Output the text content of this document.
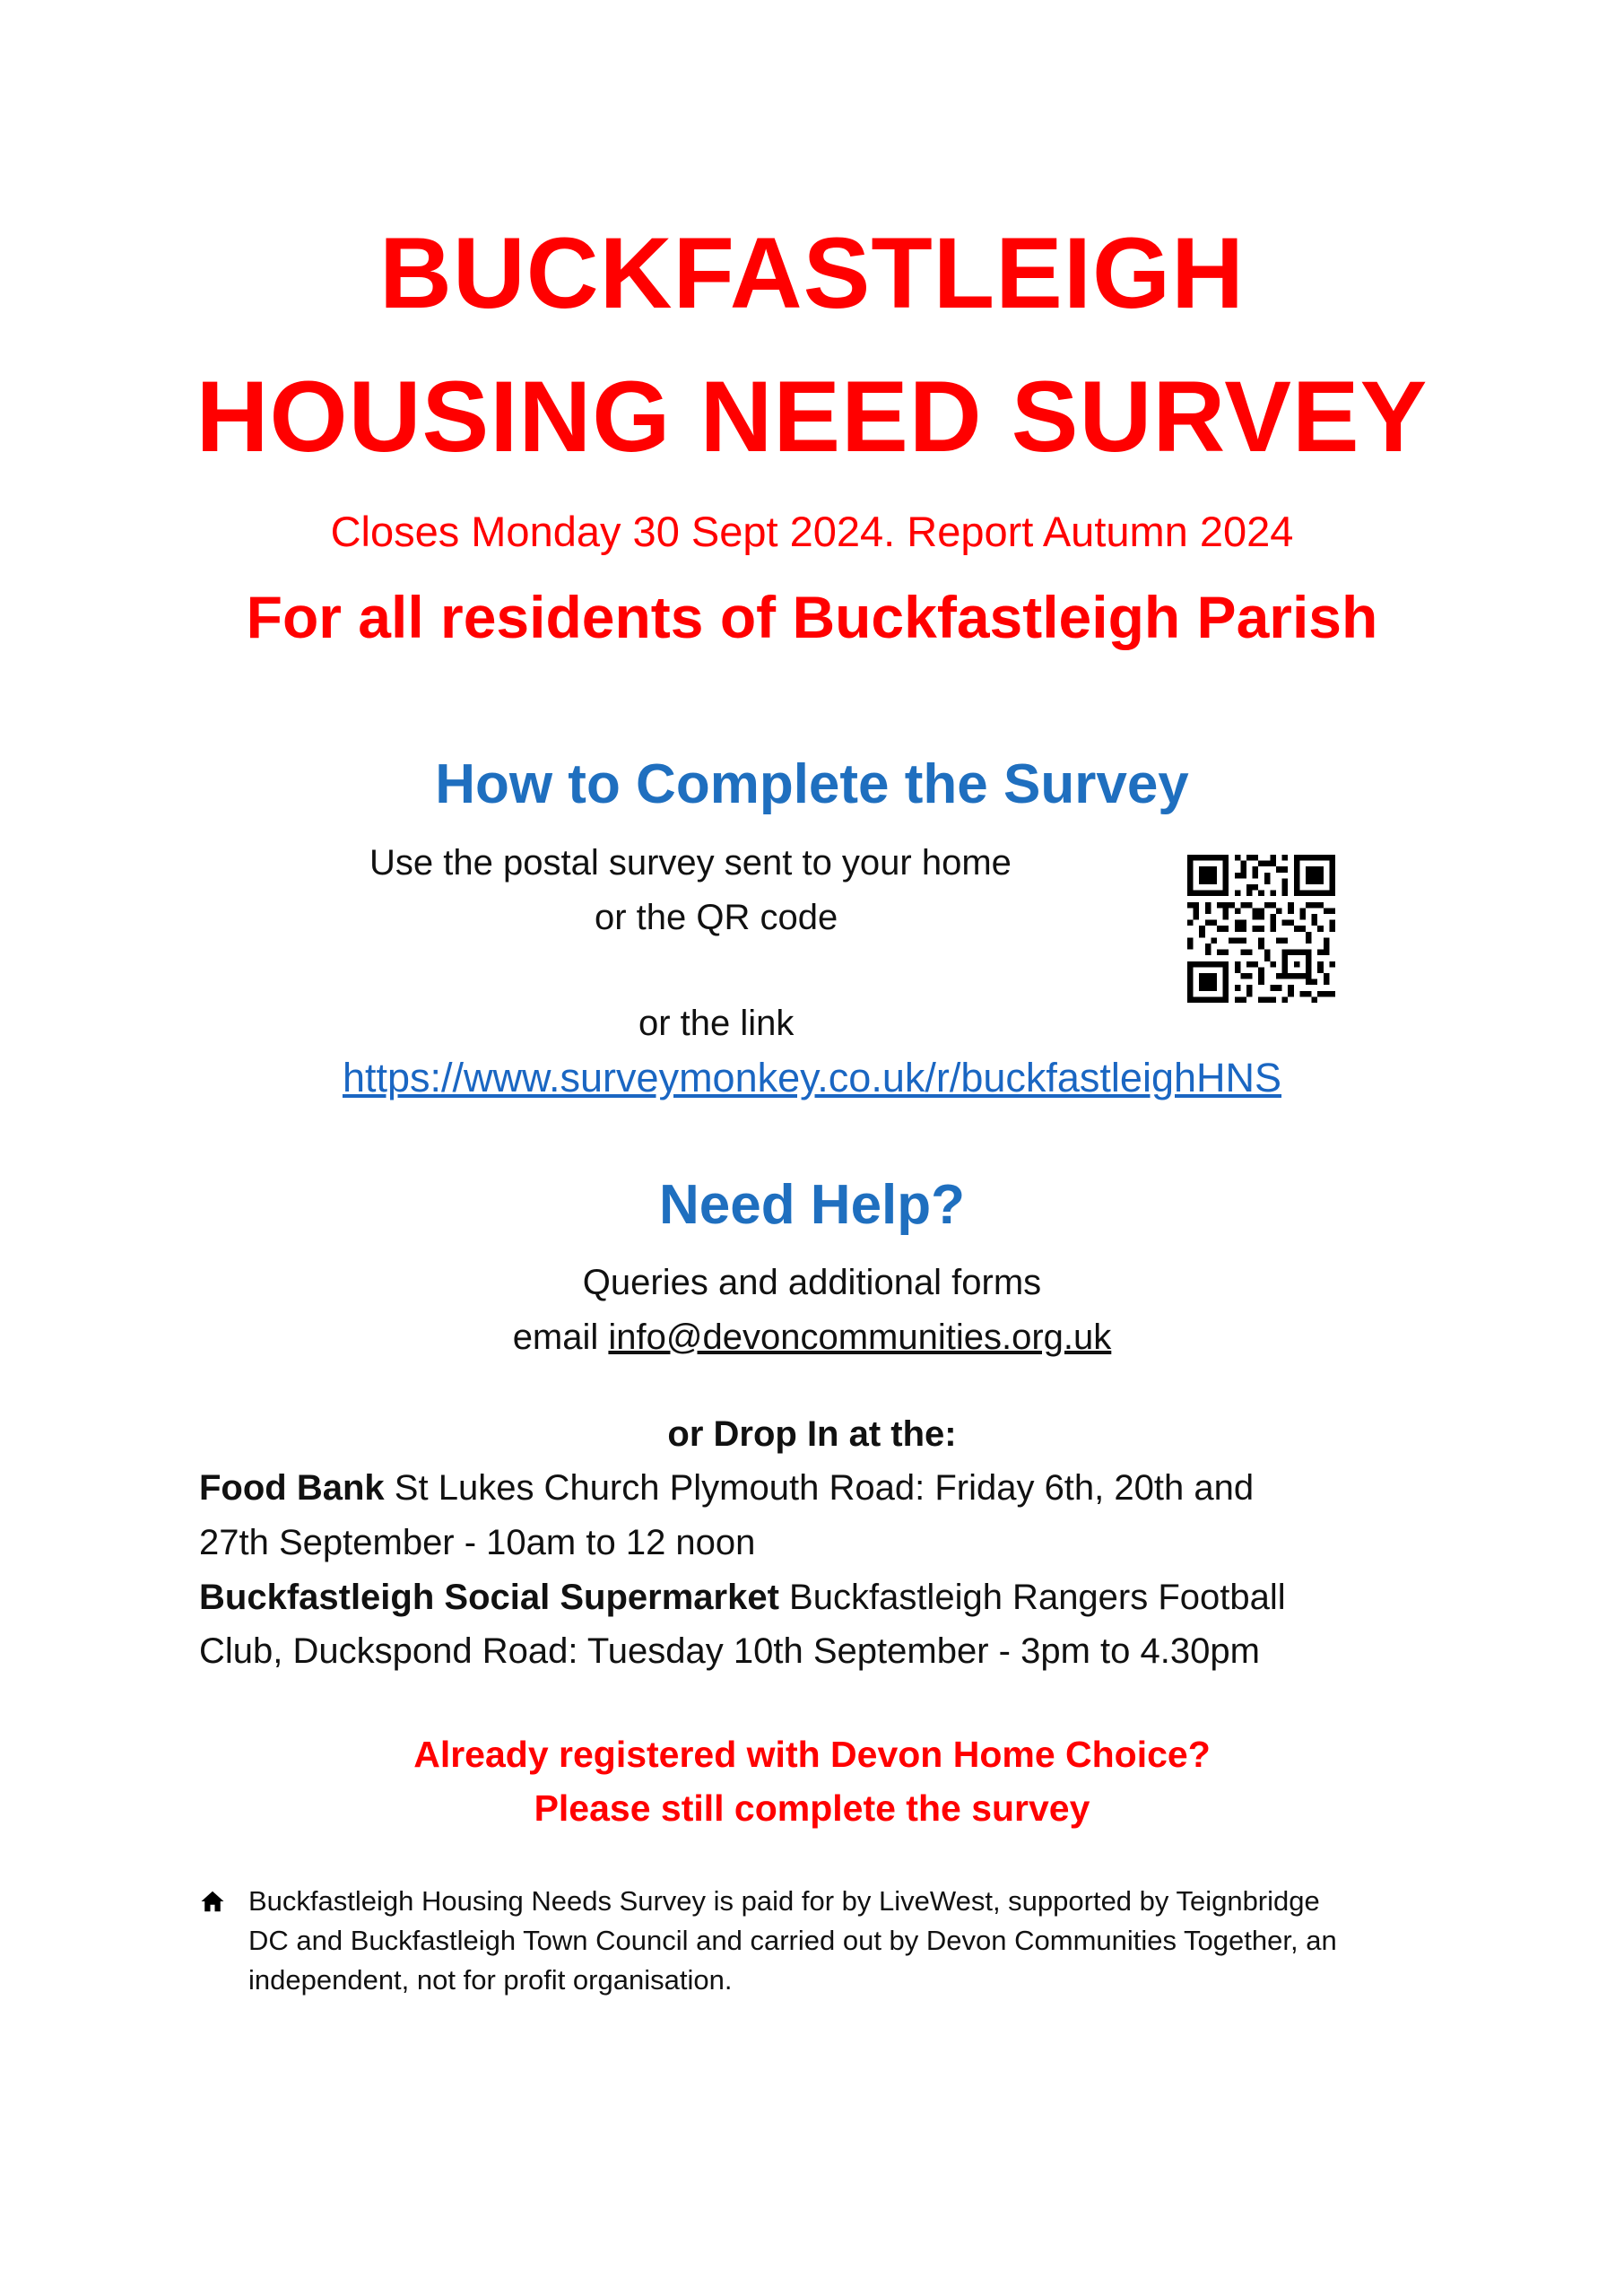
BUCKFASTLEIGH
HOUSING NEED SURVEY
Closes Monday 30 Sept 2024. Report Autumn 2024
For all residents of Buckfastleigh Parish
How to Complete the Survey
Use the postal survey sent to your home
or the QR code
or the link
https://www.surveymonkey.co.uk/r/buckfastleighHNS
Need Help?
Queries and additional forms
email info@devoncommunities.org.uk
or Drop In at the:
Food Bank St Lukes Church Plymouth Road: Friday 6th, 20th and
27th September - 10am to 12 noon
Buckfastleigh Social Supermarket Buckfastleigh Rangers Football
Club, Duckspond Road: Tuesday 10th September - 3pm to 4.30pm
Already registered with Devon Home Choice?
Please still complete the survey
Buckfastleigh Housing Needs Survey is paid for by LiveWest, supported by Teignbridge
DC and Buckfastleigh Town Council and carried out by Devon Communities Together, an
independent, not for profit organisation.
